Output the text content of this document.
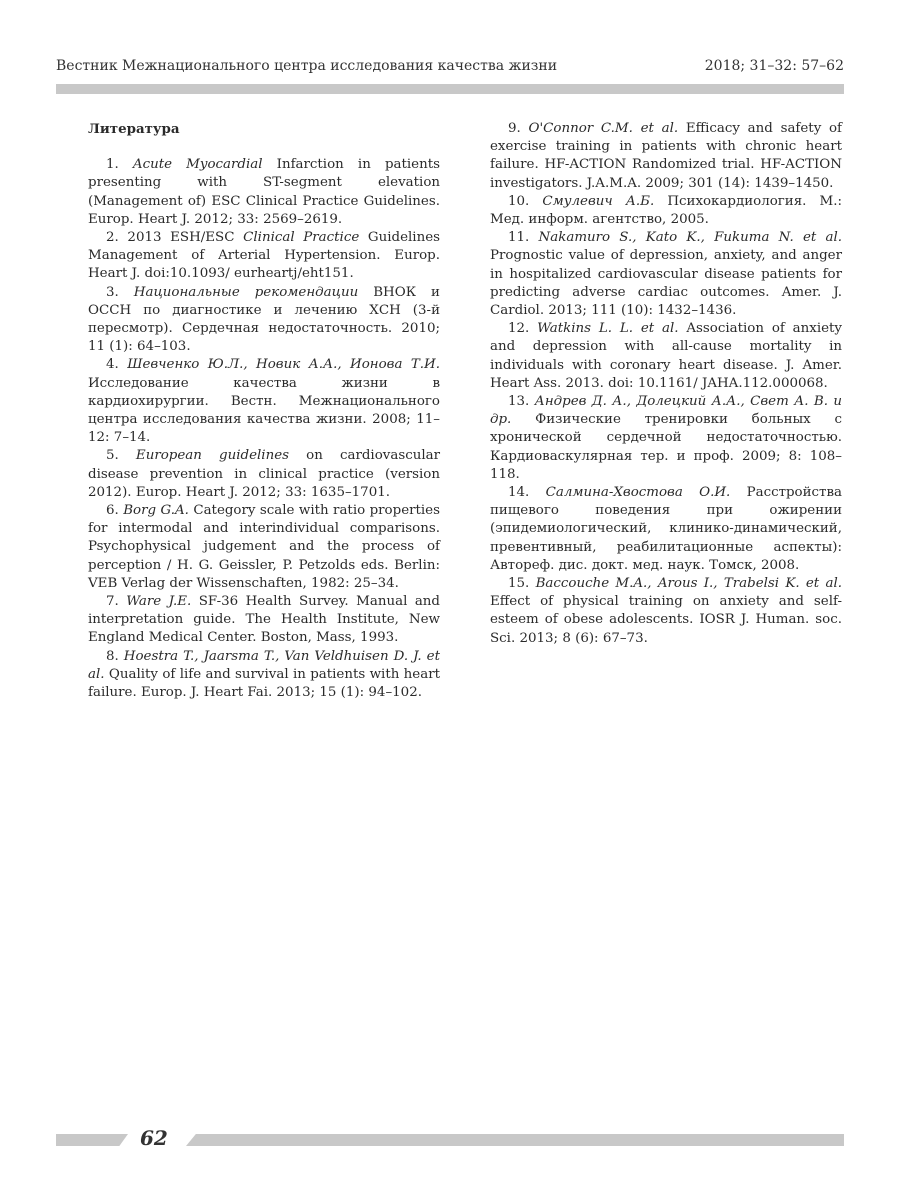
Вестник Межнационального центра исследования качества жизни	2018; 31–32: 57–62

Литература

1. Acute Myocardial Infarction in patients presenting with ST-segment elevation (Management of) ESC Clinical Practice Guidelines. Europ. Heart J. 2012; 33: 2569–2619.

2. 2013 ESH/ESC Clinical Practice Guidelines Management of Arterial Hypertension. Europ. Heart J. doi:10.1093/ eurheartj/eht151.

3. Национальные рекомендации ВНОК и ОССН по диагностике и лечению ХСН (3-й пересмотр). Сердечная недостаточность. 2010; 11 (1): 64–103.

4. Шевченко Ю.Л., Новик А.А., Ионова Т.И. Исследование качества жизни в кардиохирургии. Вестн. Межнационального центра исследования качества жизни. 2008; 11–12: 7–14.

5. European guidelines on cardiovascular disease prevention in clinical practice (version 2012). Europ. Heart J. 2012; 33: 1635–1701.

6. Borg G.A. Category scale with ratio properties for intermodal and interindividual comparisons. Psychophysical judgement and the process of perception / H. G. Geissler, P. Petzolds eds. Berlin: VEB Verlag der Wissenschaften, 1982: 25–34.

7. Ware J.E. SF-36 Health Survey. Manual and interpretation guide. The Health Institute, New England Medical Center. Boston, Mass, 1993.

8. Hoestra T., Jaarsma T., Van Veldhuisen D. J. et al. Quality of life and survival in patients with heart failure. Europ. J. Heart Fai. 2013; 15 (1): 94–102.

9. O'Connor C.M. et al. Efficacy and safety of exercise training in patients with chronic heart failure. HF-ACTION Randomized trial. HF-ACTION investigators. J.A.M.A. 2009; 301 (14): 1439–1450.

10. Смулевич А.Б. Психокардиология. М.: Мед. информ. агентство, 2005.

11. Nakamuro S., Kato K., Fukuma N. et al. Prognostic value of depression, anxiety, and anger in hospitalized cardiovascular disease patients for predicting adverse cardiac outcomes. Amer. J. Cardiol. 2013; 111 (10): 1432–1436.

12. Watkins L. L. et al. Association of anxiety and depression with all-cause mortality in individuals with coronary heart disease. J. Amer. Heart Ass. 2013. doi: 10.1161/ JAHA.112.000068.

13. Андрев Д. А., Долецкий А.А., Свет А. В. и др. Физические тренировки больных с хронической сердечной недостаточностью. Кардиоваскулярная тер. и проф. 2009; 8: 108–118.

14. Салмина-Хвостова О.И. Расстройства пищевого поведения при ожирении (эпидемиологический, клинико-динамический, превентивный, реабилитационные аспекты): Автореф. дис. докт. мед. наук. Томск, 2008.

15. Baccouche M.A., Arous I., Trabelsi K. et al. Effect of physical training on anxiety and self-esteem of obese adolescents. IOSR J. Human. soc. Sci. 2013; 8 (6): 67–73.

62
